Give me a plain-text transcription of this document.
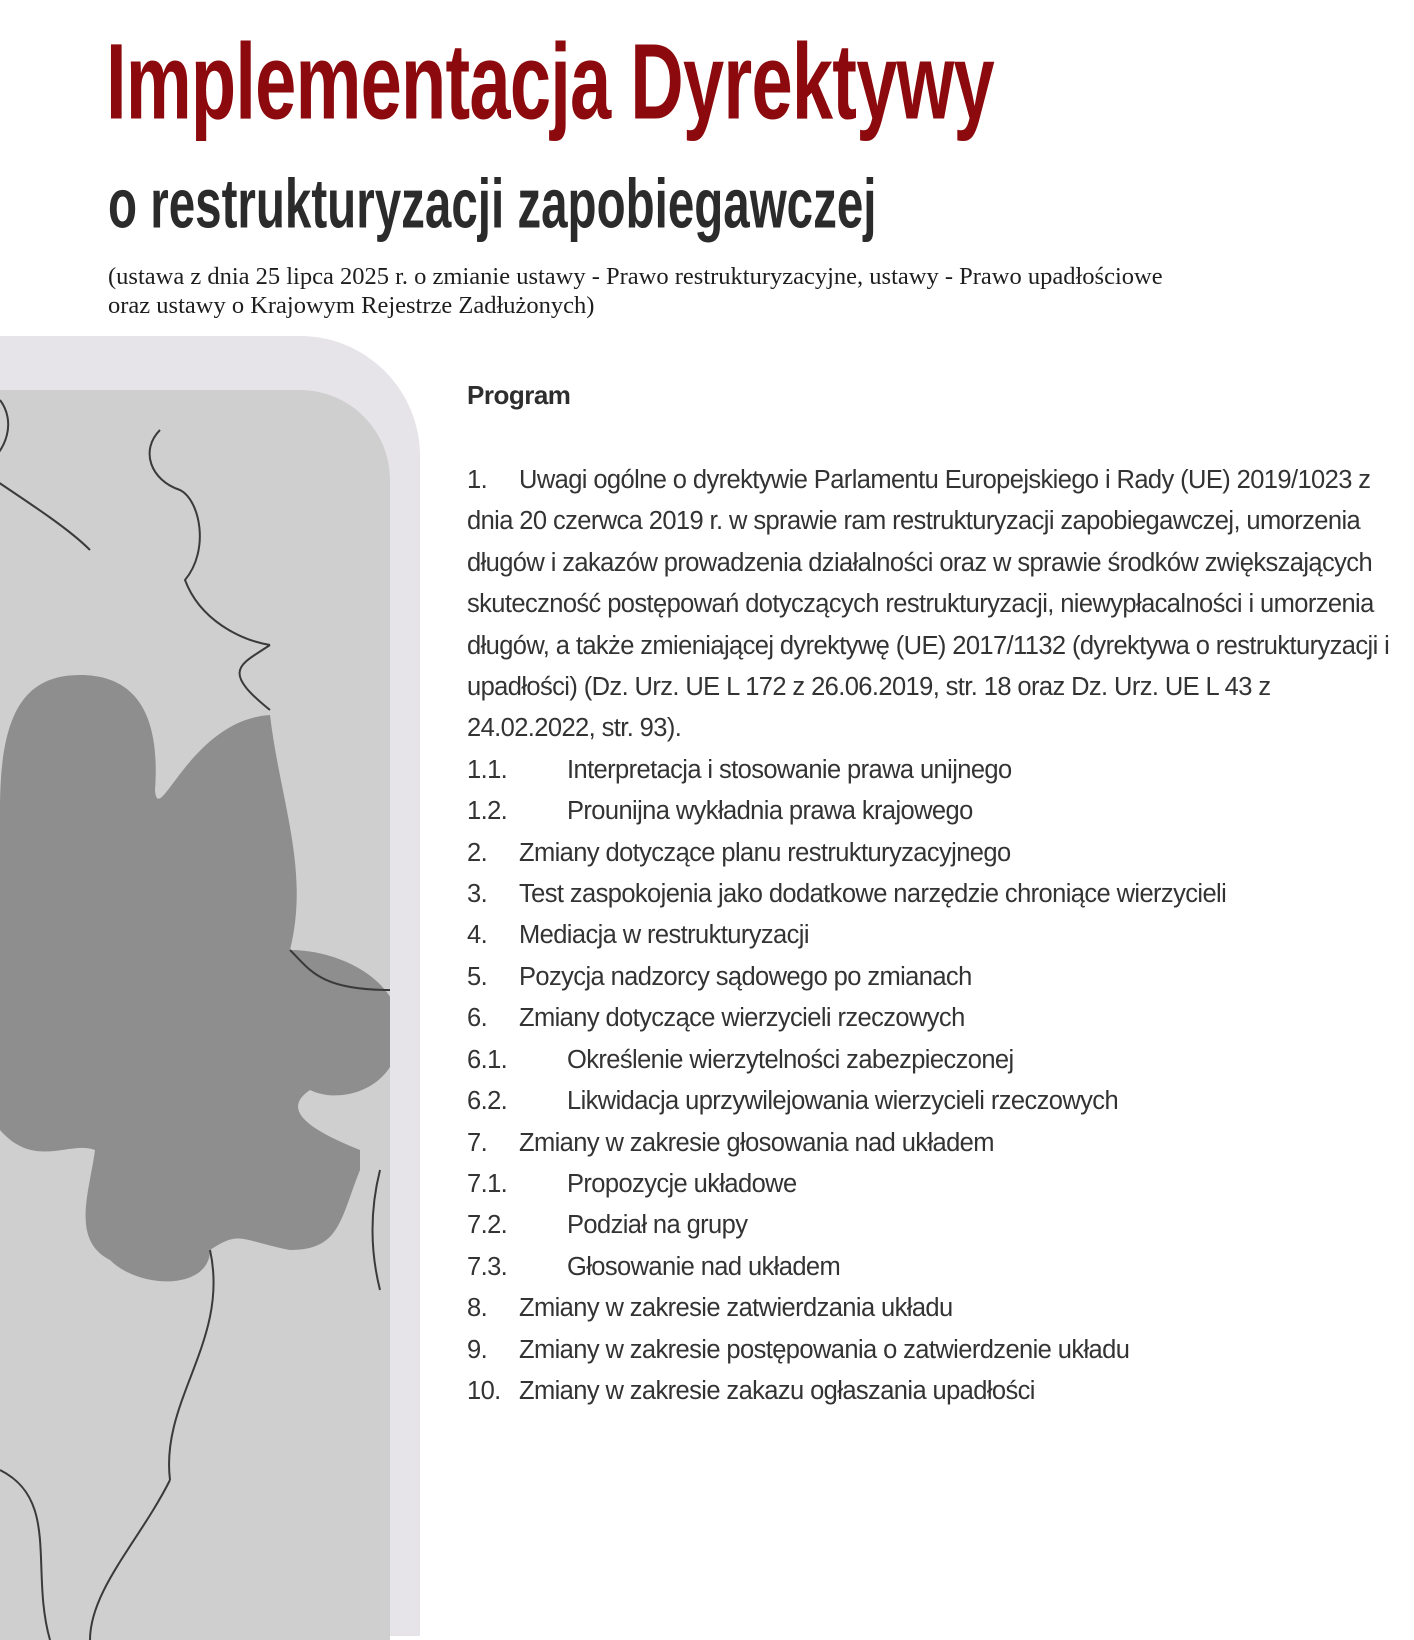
Implementacja Dyrektywy
o restrukturyzacji zapobiegawczej

(ustawa z dnia 25 lipca 2025 r. o zmianie ustawy - Prawo restrukturyzacyjne, ustawy - Prawo upadłościowe
oraz ustawy o Krajowym Rejestrze Zadłużonych)

Program
1. Uwagi ogólne o dyrektywie Parlamentu Europejskiego i Rady (UE) 2019/1023 z dnia 20 czerwca 2019 r. w sprawie ram restrukturyzacji zapobiegawczej, umorzenia długów i zakazów prowadzenia działalności oraz w sprawie środków zwiększających skuteczność postępowań dotyczących restrukturyzacji, niewypłacalności i umorzenia długów, a także zmieniającej dyrektywę (UE) 2017/1132 (dyrektywa o restrukturyzacji i upadłości) (Dz. Urz. UE L 172 z 26.06.2019, str. 18 oraz Dz. Urz. UE L 43 z 24.02.2022, str. 93).
1.1. Interpretacja i stosowanie prawa unijnego
1.2. Prounijna wykładnia prawa krajowego
2. Zmiany dotyczące planu restrukturyzacyjnego
3. Test zaspokojenia jako dodatkowe narzędzie chroniące wierzycieli
4. Mediacja w restrukturyzacji
5. Pozycja nadzorcy sądowego po zmianach
6. Zmiany dotyczące wierzycieli rzeczowych
6.1. Określenie wierzytelności zabezpieczonej
6.2. Likwidacja uprzywilejowania wierzycieli rzeczowych
7. Zmiany w zakresie głosowania nad układem
7.1. Propozycje układowe
7.2. Podział na grupy
7.3. Głosowanie nad układem
8. Zmiany w zakresie zatwierdzania układu
9. Zmiany w zakresie postępowania o zatwierdzenie układu
10. Zmiany w zakresie zakazu ogłaszania upadłości
